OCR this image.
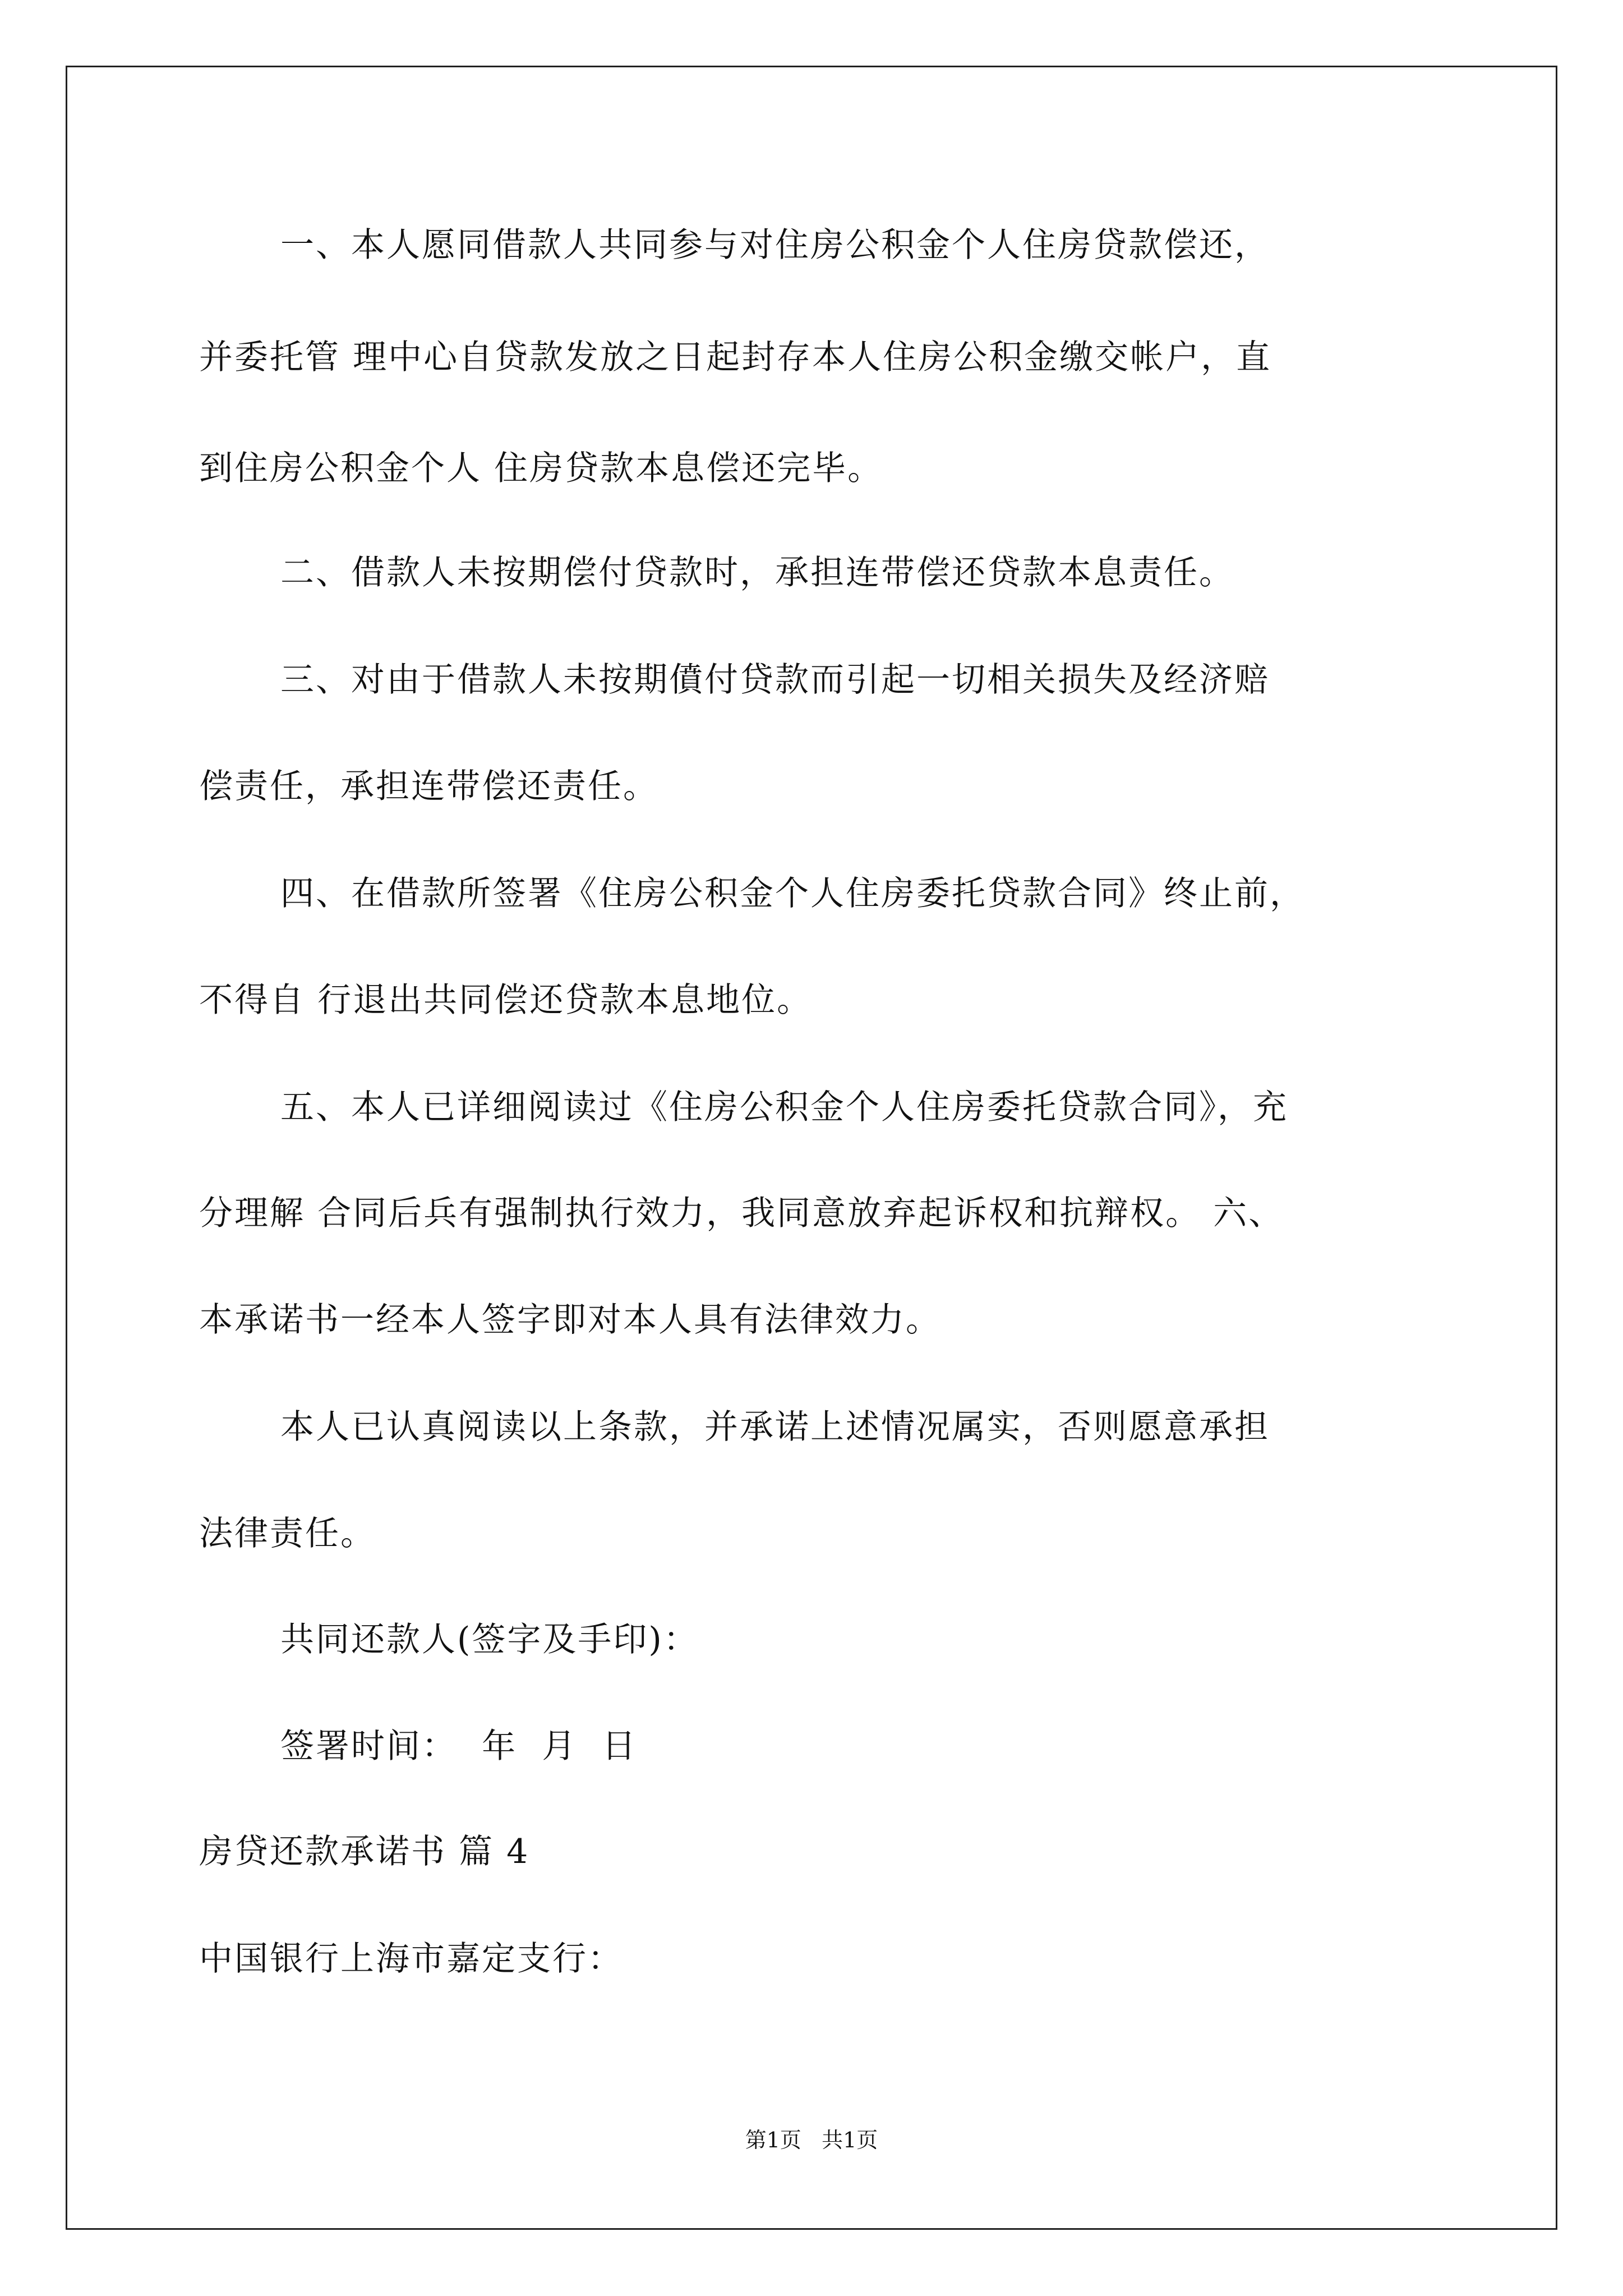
一、本人愿同借款人共同参与对住房公积金个人住房贷款偿还，
并委托管 理中心自贷款发放之日起封存本人住房公积金缴交帐户，直
到住房公积金个人 住房贷款本息偿还完毕。
二、借款人未按期偿付贷款时，承担连带偿还贷款本息责任。
三、对由于借款人未按期僨付贷款而引起一切相关损失及经济赔
偿责任，承担连带偿还责任。
四、在借款所签署《住房公积金个人住房委托贷款合同》终止前，
不得自 行退出共同偿还贷款本息地位。
五、本人已详细阅读过《住房公积金个人住房委托贷款合同》，充
分理解 合同后兵有强制执行效力，我同意放弃起诉权和抗辩权。 六、
本承诺书一经本人签字即对本人具有法律效力。
本人已认真阅读以上条款，并承诺上述情况属实，否则愿意承担
法律责任。
共同还款人(签字及手印)：
签署时间：  年  月  日
房贷还款承诺书 篇 4
中国银行上海市嘉定支行：
第1页   共1页
